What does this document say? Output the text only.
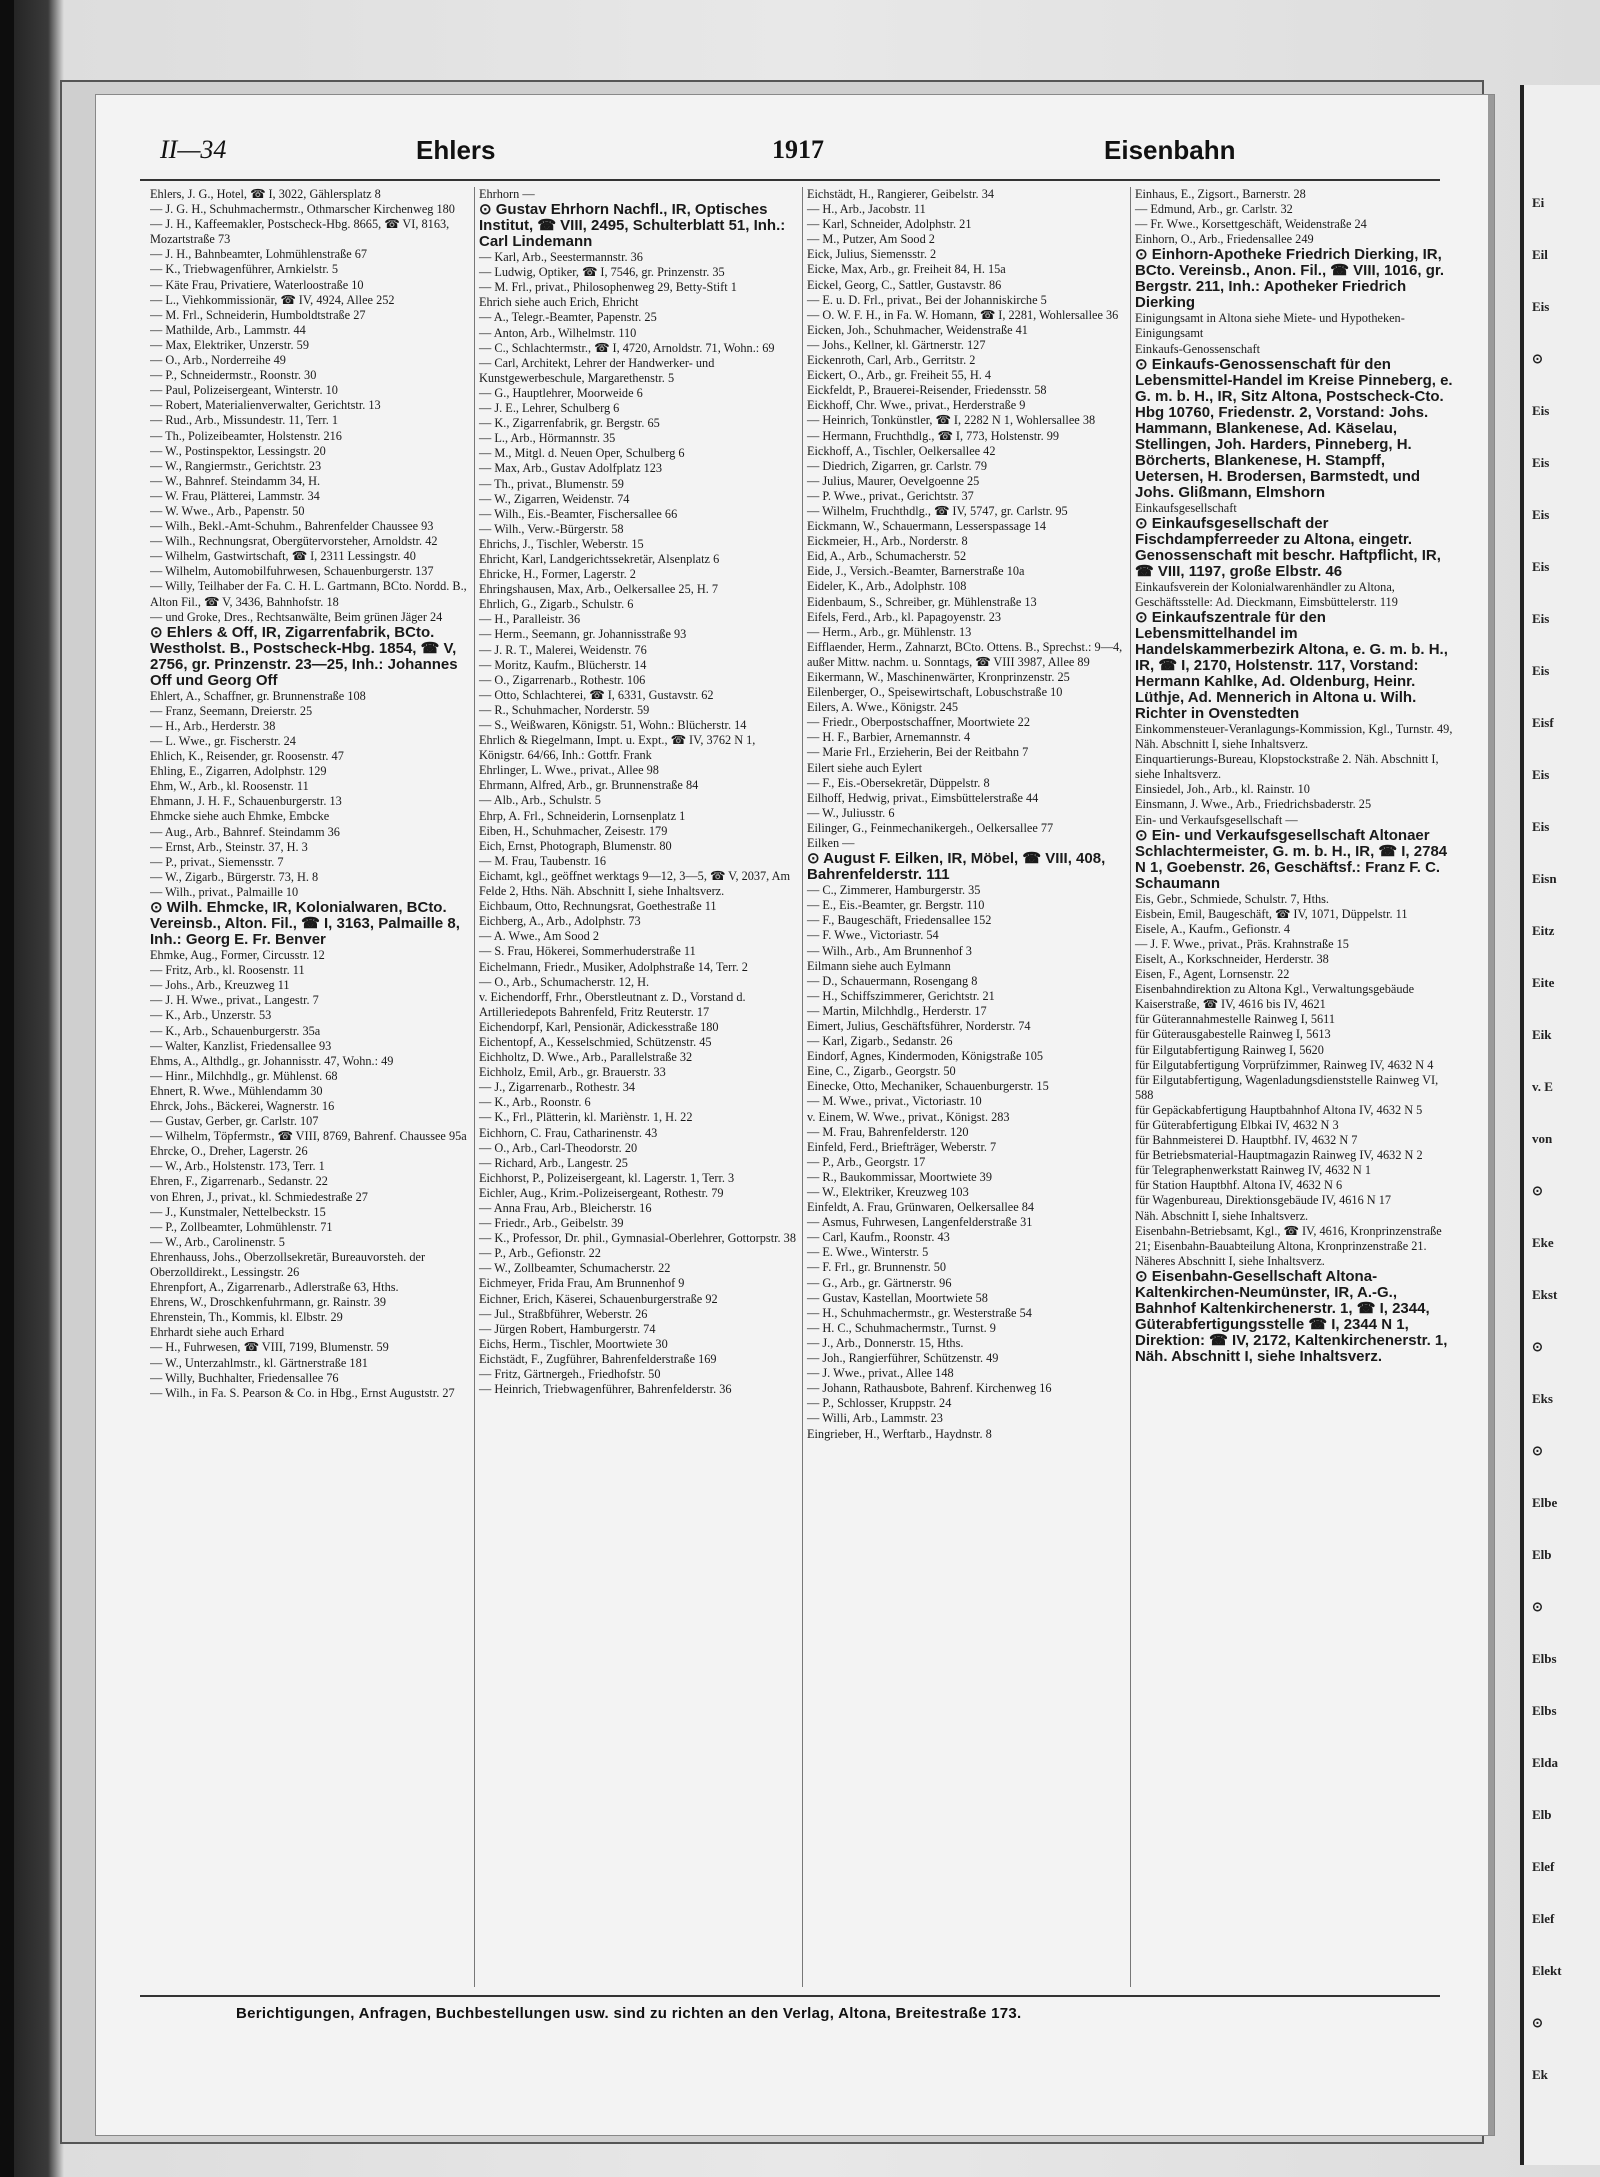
Ei
Eil
Eis
⊙
Eis
Eis
Eis
Eis
Eis
Eis
Eisf
Eis
Eis
Eisn
Eitz
Eite
Eik
v. E
von
⊙
Eke
Ekst
⊙
Eks
⊙
Elbe
Elb
⊙
Elbs
Elbs
Elda
Elb
Elef
Elef
Elekt
⊙
Ek
II—34	Ehlers	1917	Eisenbahn
Ehlers, J. G., Hotel, ☎ I, 3022, Gählersplatz 8
— J. G. H., Schuhmachermstr., Othmarscher Kirchenweg 180
— J. H., Kaffeemakler, Postscheck-Hbg. 8665, ☎ VI, 8163, Mozartstraße 73
— J. H., Bahnbeamter, Lohmühlenstraße 67
— K., Triebwagenführer, Arnkielstr. 5
— Käte Frau, Privatiere, Waterloostraße 10
— L., Viehkommissionär, ☎ IV, 4924, Allee 252
— M. Frl., Schneiderin, Humboldtstraße 27
— Mathilde, Arb., Lammstr. 44
— Max, Elektriker, Unzerstr. 59
— O., Arb., Norderreihe 49
— P., Schneidermstr., Roonstr. 30
— Paul, Polizeisergeant, Winterstr. 10
— Robert, Materialienverwalter, Gerichtstr. 13
— Rud., Arb., Missundestr. 11, Terr. 1
— Th., Polizeibeamter, Holstenstr. 216
— W., Postinspektor, Lessingstr. 20
— W., Rangiermstr., Gerichtstr. 23
— W., Bahnref. Steindamm 34, H.
— W. Frau, Plätterei, Lammstr. 34
— W. Wwe., Arb., Papenstr. 50
— Wilh., Bekl.-Amt-Schuhm., Bahrenfelder Chaussee 93
— Wilh., Rechnungsrat, Obergütervorsteher, Arnoldstr. 42
— Wilhelm, Gastwirtschaft, ☎ I, 2311 Lessingstr. 40
— Wilhelm, Automobilfuhrwesen, Schauenburgerstr. 137
— Willy, Teilhaber der Fa. C. H. L. Gartmann, BCto. Nordd. B., Alton Fil., ☎ V, 3436, Bahnhofstr. 18
— und Groke, Dres., Rechtsanwälte, Beim grünen Jäger 24
⊙ Ehlers & Off, IR, Zigarrenfabrik, BCto. Westholst. B., Postscheck-Hbg. 1854, ☎ V, 2756, gr. Prinzenstr. 23—25, Inh.: Johannes Off und Georg Off
Ehlert, A., Schaffner, gr. Brunnenstraße 108
— Franz, Seemann, Dreierstr. 25
— H., Arb., Herderstr. 38
— L. Wwe., gr. Fischerstr. 24
Ehlich, K., Reisender, gr. Roosenstr. 47
Ehling, E., Zigarren, Adolphstr. 129
Ehm, W., Arb., kl. Roosenstr. 11
Ehmann, J. H. F., Schauenburgerstr. 13
Ehmcke siehe auch Ehmke, Embcke
— Aug., Arb., Bahnref. Steindamm 36
— Ernst, Arb., Steinstr. 37, H. 3
— P., privat., Siemensstr. 7
— W., Zigarb., Bürgerstr. 73, H. 8
— Wilh., privat., Palmaille 10
⊙ Wilh. Ehmcke, IR, Kolonialwaren, BCto. Vereinsb., Alton. Fil., ☎ I, 3163, Palmaille 8, Inh.: Georg E. Fr. Benver
Ehmke, Aug., Former, Circusstr. 12
— Fritz, Arb., kl. Roosenstr. 11
— Johs., Arb., Kreuzweg 11
— J. H. Wwe., privat., Langestr. 7
— K., Arb., Unzerstr. 53
— K., Arb., Schauenburgerstr. 35a
— Walter, Kanzlist, Friedensallee 93
Ehms, A., Althdlg., gr. Johannisstr. 47, Wohn.: 49
— Hinr., Milchhdlg., gr. Mühlenst. 68
Ehnert, R. Wwe., Mühlendamm 30
Ehrck, Johs., Bäckerei, Wagnerstr. 16
— Gustav, Gerber, gr. Carlstr. 107
— Wilhelm, Töpfermstr., ☎ VIII, 8769, Bahrenf. Chaussee 95a
Ehrcke, O., Dreher, Lagerstr. 26
— W., Arb., Holstenstr. 173, Terr. 1
Ehren, F., Zigarrenarb., Sedanstr. 22
von Ehren, J., privat., kl. Schmiedestraße 27
— J., Kunstmaler, Nettelbeckstr. 15
— P., Zollbeamter, Lohmühlenstr. 71
— W., Arb., Carolinenstr. 5
Ehrenhauss, Johs., Oberzollsekretär, Bureauvorsteh. der Oberzolldirekt., Lessingstr. 26
Ehrenpfort, A., Zigarrenarb., Adlerstraße 63, Hths.
Ehrens, W., Droschkenfuhrmann, gr. Rainstr. 39
Ehrenstein, Th., Kommis, kl. Elbstr. 29
Ehrhardt siehe auch Erhard
— H., Fuhrwesen, ☎ VIII, 7199, Blumenstr. 59
— W., Unterzahlmstr., kl. Gärtnerstraße 181
— Willy, Buchhalter, Friedensallee 76
— Wilh., in Fa. S. Pearson & Co. in Hbg., Ernst Auguststr. 27
Ehrhorn —
⊙ Gustav Ehrhorn Nachfl., IR, Optisches Institut, ☎ VIII, 2495, Schulterblatt 51, Inh.: Carl Lindemann
— Karl, Arb., Seestermannstr. 36
— Ludwig, Optiker, ☎ I, 7546, gr. Prinzenstr. 35
— M. Frl., privat., Philosophenweg 29, Betty-Stift 1
Ehrich siehe auch Erich, Ehricht
— A., Telegr.-Beamter, Papenstr. 25
— Anton, Arb., Wilhelmstr. 110
— C., Schlachtermstr., ☎ I, 4720, Arnoldstr. 71, Wohn.: 69
— Carl, Architekt, Lehrer der Handwerker- und Kunstgewerbeschule, Margarethenstr. 5
— G., Hauptlehrer, Moorweide 6
— J. E., Lehrer, Schulberg 6
— K., Zigarrenfabrik, gr. Bergstr. 65
— L., Arb., Hörmannstr. 35
— M., Mitgl. d. Neuen Oper, Schulberg 6
— Max, Arb., Gustav Adolfplatz 123
— Th., privat., Blumenstr. 59
— W., Zigarren, Weidenstr. 74
— Wilh., Eis.-Beamter, Fischersallee 66
— Wilh., Verw.-Bürgerstr. 58
Ehrichs, J., Tischler, Weberstr. 15
Ehricht, Karl, Landgerichtssekretär, Alsenplatz 6
Ehricke, H., Former, Lagerstr. 2
Ehringshausen, Max, Arb., Oelkersallee 25, H. 7
Ehrlich, G., Zigarb., Schulstr. 6
— H., Paralleistr. 36
— Herm., Seemann, gr. Johannisstraße 93
— J. R. T., Malerei, Weidenstr. 76
— Moritz, Kaufm., Blücherstr. 14
— O., Zigarrenarb., Rothestr. 106
— Otto, Schlachterei, ☎ I, 6331, Gustavstr. 62
— R., Schuhmacher, Norderstr. 59
— S., Weißwaren, Königstr. 51, Wohn.: Blücherstr. 14
Ehrlich & Riegelmann, Impt. u. Expt., ☎ IV, 3762 N 1, Königstr. 64/66, Inh.: Gottfr. Frank
Ehrlinger, L. Wwe., privat., Allee 98
Ehrmann, Alfred, Arb., gr. Brunnenstraße 84
— Alb., Arb., Schulstr. 5
Ehrp, A. Frl., Schneiderin, Lornsenplatz 1
Eiben, H., Schuhmacher, Zeisestr. 179
Eich, Ernst, Photograph, Blumenstr. 80
— M. Frau, Taubenstr. 16
Eichamt, kgl., geöffnet werktags 9—12, 3—5, ☎ V, 2037, Am Felde 2, Hths. Näh. Abschnitt I, siehe Inhaltsverz.
Eichbaum, Otto, Rechnungsrat, Goethestraße 11
Eichberg, A., Arb., Adolphstr. 73
— A. Wwe., Am Sood 2
— S. Frau, Hökerei, Sommerhuderstraße 11
Eichelmann, Friedr., Musiker, Adolphstraße 14, Terr. 2
— O., Arb., Schumacherstr. 12, H.
v. Eichendorff, Frhr., Oberstleutnant z. D., Vorstand d. Artilleriedepots Bahrenfeld, Fritz Reuterstr. 17
Eichendorpf, Karl, Pensionär, Adickesstraße 180
Eichentopf, A., Kesselschmied, Schützenstr. 45
Eichholtz, D. Wwe., Arb., Parallelstraße 32
Eichholz, Emil, Arb., gr. Brauerstr. 33
— J., Zigarrenarb., Rothestr. 34
— K., Arb., Roonstr. 6
— K., Frl., Plätterin, kl. Mariènstr. 1, H. 22
Eichhorn, C. Frau, Catharinenstr. 43
— O., Arb., Carl-Theodorstr. 20
— Richard, Arb., Langestr. 25
Eichhorst, P., Polizeisergeant, kl. Lagerstr. 1, Terr. 3
Eichler, Aug., Krim.-Polizeisergeant, Rothestr. 79
— Anna Frau, Arb., Bleicherstr. 16
— Friedr., Arb., Geibelstr. 39
— K., Professor, Dr. phil., Gymnasial-Oberlehrer, Gottorpstr. 38
— P., Arb., Gefionstr. 22
— W., Zollbeamter, Schumacherstr. 22
Eichmeyer, Frida Frau, Am Brunnenhof 9
Eichner, Erich, Käserei, Schauenburgerstraße 92
— Jul., Straßbführer, Weberstr. 26
— Jürgen Robert, Hamburgerstr. 74
Eichs, Herm., Tischler, Moortwiete 30
Eichstädt, F., Zugführer, Bahrenfelderstraße 169
— Fritz, Gärtnergeh., Friedhofstr. 50
— Heinrich, Triebwagenführer, Bahrenfelderstr. 36
Eichstädt, H., Rangierer, Geibelstr. 34
— H., Arb., Jacobstr. 11
— Karl, Schneider, Adolphstr. 21
— M., Putzer, Am Sood 2
Eick, Julius, Siemensstr. 2
Eicke, Max, Arb., gr. Freiheit 84, H. 15a
Eickel, Georg, C., Sattler, Gustavstr. 86
— E. u. D. Frl., privat., Bei der Johanniskirche 5
— O. W. F. H., in Fa. W. Homann, ☎ I, 2281, Wohlersallee 36
Eicken, Joh., Schuhmacher, Weidenstraße 41
— Johs., Kellner, kl. Gärtnerstr. 127
Eickenroth, Carl, Arb., Gerritstr. 2
Eickert, O., Arb., gr. Freiheit 55, H. 4
Eickfeldt, P., Brauerei-Reisender, Friedensstr. 58
Eickhoff, Chr. Wwe., privat., Herderstraße 9
— Heinrich, Tonkünstler, ☎ I, 2282 N 1, Wohlersallee 38
— Hermann, Fruchthdlg., ☎ I, 773, Holstenstr. 99
Eickhoff, A., Tischler, Oelkersallee 42
— Diedrich, Zigarren, gr. Carlstr. 79
— Julius, Maurer, Oevelgoenne 25
— P. Wwe., privat., Gerichtstr. 37
— Wilhelm, Fruchthdlg., ☎ IV, 5747, gr. Carlstr. 95
Eickmann, W., Schauermann, Lesserspassage 14
Eickmeier, H., Arb., Norderstr. 8
Eid, A., Arb., Schumacherstr. 52
Eide, J., Versich.-Beamter, Barnerstraße 10a
Eideler, K., Arb., Adolphstr. 108
Eidenbaum, S., Schreiber, gr. Mühlenstraße 13
Eifels, Ferd., Arb., kl. Papagoyenstr. 23
— Herm., Arb., gr. Mühlenstr. 13
Eifflaender, Herm., Zahnarzt, BCto. Ottens. B., Sprechst.: 9—4, außer Mittw. nachm. u. Sonntags, ☎ VIII 3987, Allee 89
Eikermann, W., Maschinenwärter, Kronprinzenstr. 25
Eilenberger, O., Speisewirtschaft, Lobuschstraße 10
Eilers, A. Wwe., Königstr. 245
— Friedr., Oberpostschaffner, Moortwiete 22
— H. F., Barbier, Arnemannstr. 4
— Marie Frl., Erzieherin, Bei der Reitbahn 7
Eilert siehe auch Eylert
— F., Eis.-Obersekretär, Düppelstr. 8
Eilhoff, Hedwig, privat., Eimsbüttelerstraße 44
— W., Juliusstr. 6
Eilinger, G., Feinmechanikergeh., Oelkersallee 77
Eilken —
⊙ August F. Eilken, IR, Möbel, ☎ VIII, 408, Bahrenfelderstr. 111
— C., Zimmerer, Hamburgerstr. 35
— E., Eis.-Beamter, gr. Bergstr. 110
— F., Baugeschäft, Friedensallee 152
— F. Wwe., Victoriastr. 54
— Wilh., Arb., Am Brunnenhof 3
Eilmann siehe auch Eylmann
— D., Schauermann, Rosengang 8
— H., Schiffszimmerer, Gerichtstr. 21
— Martin, Milchhdlg., Herderstr. 17
Eimert, Julius, Geschäftsführer, Norderstr. 74
— Karl, Zigarb., Sedanstr. 26
Eindorf, Agnes, Kindermoden, Königstraße 105
Eine, C., Zigarb., Georgstr. 50
Einecke, Otto, Mechaniker, Schauenburgerstr. 15
— M. Wwe., privat., Victoriastr. 10
v. Einem, W. Wwe., privat., Königst. 283
— M. Frau, Bahrenfelderstr. 120
Einfeld, Ferd., Briefträger, Weberstr. 7
— P., Arb., Georgstr. 17
— R., Baukommissar, Moortwiete 39
— W., Elektriker, Kreuzweg 103
Einfeldt, A. Frau, Grünwaren, Oelkersallee 84
— Asmus, Fuhrwesen, Langenfelderstraße 31
— Carl, Kaufm., Roonstr. 43
— E. Wwe., Winterstr. 5
— F. Frl., gr. Brunnenstr. 50
— G., Arb., gr. Gärtnerstr. 96
— Gustav, Kastellan, Moortwiete 58
— H., Schuhmachermstr., gr. Westerstraße 54
— H. C., Schuhmachermstr., Turnst. 9
— J., Arb., Donnerstr. 15, Hths.
— Joh., Rangierführer, Schützenstr. 49
— J. Wwe., privat., Allee 148
— Johann, Rathausbote, Bahrenf. Kirchenweg 16
— P., Schlosser, Kruppstr. 24
— Willi, Arb., Lammstr. 23
Eingrieber, H., Werftarb., Haydnstr. 8
Einhaus, E., Zigsort., Barnerstr. 28
— Edmund, Arb., gr. Carlstr. 32
— Fr. Wwe., Korsettgeschäft, Weidenstraße 24
Einhorn, O., Arb., Friedensallee 249
⊙ Einhorn-Apotheke Friedrich Dierking, IR, BCto. Vereinsb., Anon. Fil., ☎ VIII, 1016, gr. Bergstr. 211, Inh.: Apotheker Friedrich Dierking
Einigungsamt in Altona siehe Miete- und Hypotheken-Einigungsamt
Einkaufs-Genossenschaft
⊙ Einkaufs-Genossenschaft für den Lebensmittel-Handel im Kreise Pinneberg, e. G. m. b. H., IR, Sitz Altona, Postscheck-Cto. Hbg 10760, Friedenstr. 2, Vorstand: Johs. Hammann, Blankenese, Ad. Käselau, Stellingen, Joh. Harders, Pinneberg, H. Börcherts, Blankenese, H. Stampff, Uetersen, H. Brodersen, Barmstedt, und Johs. Glißmann, Elmshorn
Einkaufsgesellschaft
⊙ Einkaufsgesellschaft der Fischdampferreeder zu Altona, eingetr. Genossenschaft mit beschr. Haftpflicht, IR, ☎ VIII, 1197, große Elbstr. 46
Einkaufsverein der Kolonialwarenhändler zu Altona, Geschäftsstelle: Ad. Dieckmann, Eimsbüttelerstr. 119
⊙ Einkaufszentrale für den Lebensmittelhandel im Handelskammerbezirk Altona, e. G. m. b. H., IR, ☎ I, 2170, Holstenstr. 117, Vorstand: Hermann Kahlke, Ad. Oldenburg, Heinr. Lüthje, Ad. Mennerich in Altona u. Wilh. Richter in Ovenstedten
Einkommensteuer-Veranlagungs-Kommission, Kgl., Turnstr. 49, Näh. Abschnitt I, siehe Inhaltsverz.
Einquartierungs-Bureau, Klopstockstraße 2. Näh. Abschnitt I, siehe Inhaltsverz.
Einsiedel, Joh., Arb., kl. Rainstr. 10
Einsmann, J. Wwe., Arb., Friedrichsbaderstr. 25
Ein- und Verkaufsgesellschaft —
⊙ Ein- und Verkaufsgesellschaft Altonaer Schlachtermeister, G. m. b. H., IR, ☎ I, 2784 N 1, Goebenstr. 26, Geschäftsf.: Franz F. C. Schaumann
Eis, Gebr., Schmiede, Schulstr. 7, Hths.
Eisbein, Emil, Baugeschäft, ☎ IV, 1071, Düppelstr. 11
Eisele, A., Kaufm., Gefionstr. 4
— J. F. Wwe., privat., Präs. Krahnstraße 15
Eiselt, A., Korkschneider, Herderstr. 38
Eisen, F., Agent, Lornsenstr. 22
Eisenbahndirektion zu Altona Kgl., Verwaltungsgebäude Kaiserstraße, ☎ IV, 4616 bis IV, 4621
für Güterannahmestelle Rainweg I, 5611
für Güterausgabestelle Rainweg I, 5613
für Eilgutabfertigung Rainweg I, 5620
für Eilgutabfertigung Vorprüfzimmer, Rainweg IV, 4632 N 4
für Eilgutabfertigung, Wagenladungsdienststelle Rainweg VI, 588
für Gepäckabfertigung Hauptbahnhof Altona IV, 4632 N 5
für Güterabfertigung Elbkai IV, 4632 N 3
für Bahnmeisterei D. Hauptbhf. IV, 4632 N 7
für Betriebsmaterial-Hauptmagazin Rainweg IV, 4632 N 2
für Telegraphenwerkstatt Rainweg IV, 4632 N 1
für Station Hauptbhf. Altona IV, 4632 N 6
für Wagenbureau, Direktionsgebäude IV, 4616 N 17
Näh. Abschnitt I, siehe Inhaltsverz.
Eisenbahn-Betriebsamt, Kgl., ☎ IV, 4616, Kronprinzenstraße 21; Eisenbahn-Bauabteilung Altona, Kronprinzenstraße 21. Näheres Abschnitt I, siehe Inhaltsverz.
⊙ Eisenbahn-Gesellschaft Altona-Kaltenkirchen-Neumünster, IR, A.-G., Bahnhof Kaltenkirchenerstr. 1, ☎ I, 2344, Güterabfertigungsstelle ☎ I, 2344 N 1, Direktion: ☎ IV, 2172, Kaltenkirchenerstr. 1, Näh. Abschnitt I, siehe Inhaltsverz.
Berichtigungen, Anfragen, Buchbestellungen usw. sind zu richten an den Verlag, Altona, Breitestraße 173.
